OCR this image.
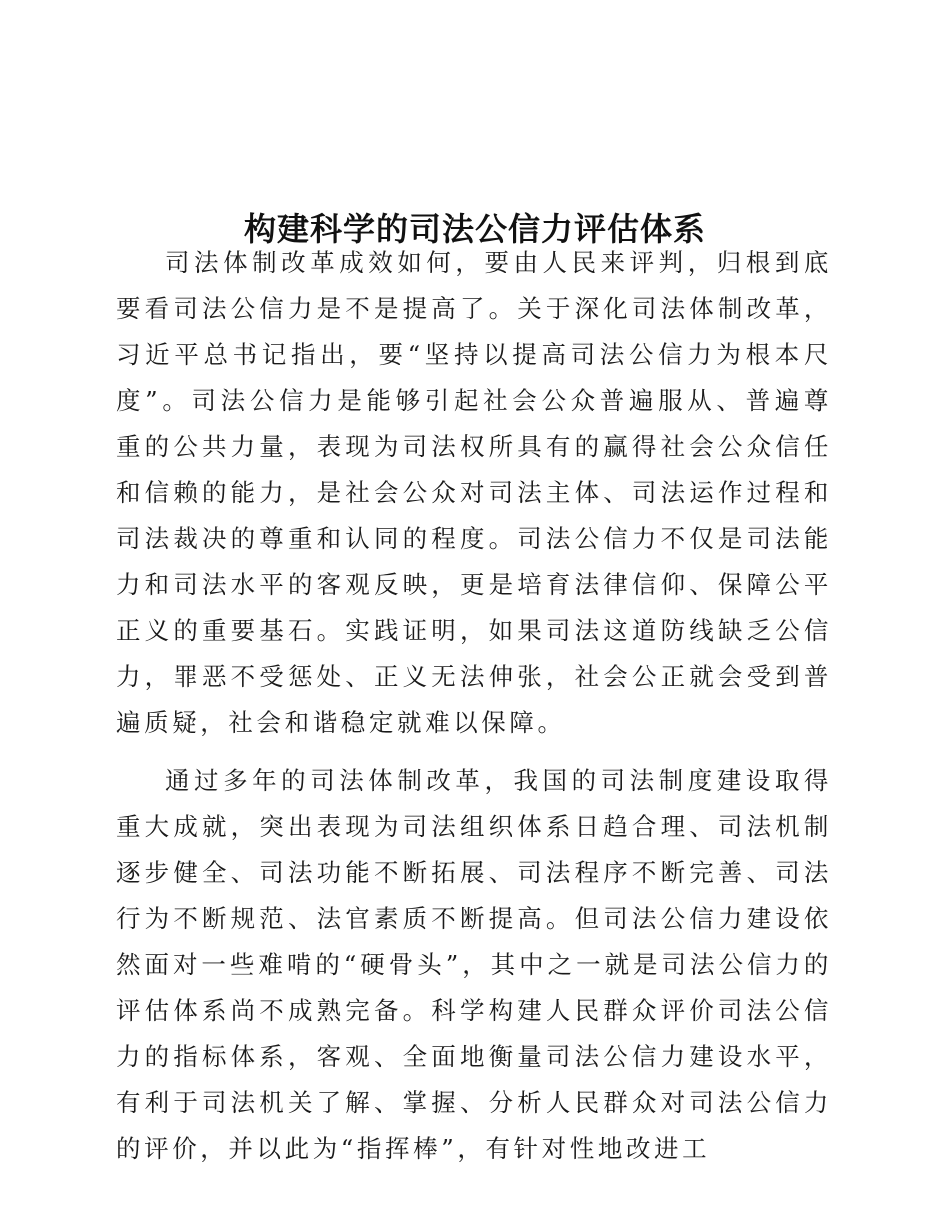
构建科学的司法公信力评估体系

司法体制改革成效如何，要由人民来评判，归根到底要看司法公信力是不是提高了。关于深化司法体制改革，习近平总书记指出，要“坚持以提高司法公信力为根本尺度”。司法公信力是能够引起社会公众普遍服从、普遍尊重的公共力量，表现为司法权所具有的赢得社会公众信任和信赖的能力，是社会公众对司法主体、司法运作过程和司法裁决的尊重和认同的程度。司法公信力不仅是司法能力和司法水平的客观反映，更是培育法律信仰、保障公平正义的重要基石。实践证明，如果司法这道防线缺乏公信力，罪恶不受惩处、正义无法伸张，社会公正就会受到普遍质疑，社会和谐稳定就难以保障。

通过多年的司法体制改革，我国的司法制度建设取得重大成就，突出表现为司法组织体系日趋合理、司法机制逐步健全、司法功能不断拓展、司法程序不断完善、司法行为不断规范、法官素质不断提高。但司法公信力建设依然面对一些难啃的“硬骨头”，其中之一就是司法公信力的评估体系尚不成熟完备。科学构建人民群众评价司法公信力的指标体系，客观、全面地衡量司法公信力建设水平，有利于司法机关了解、掌握、分析人民群众对司法公信力的评价，并以此为“指挥棒”，有针对性地改进工
